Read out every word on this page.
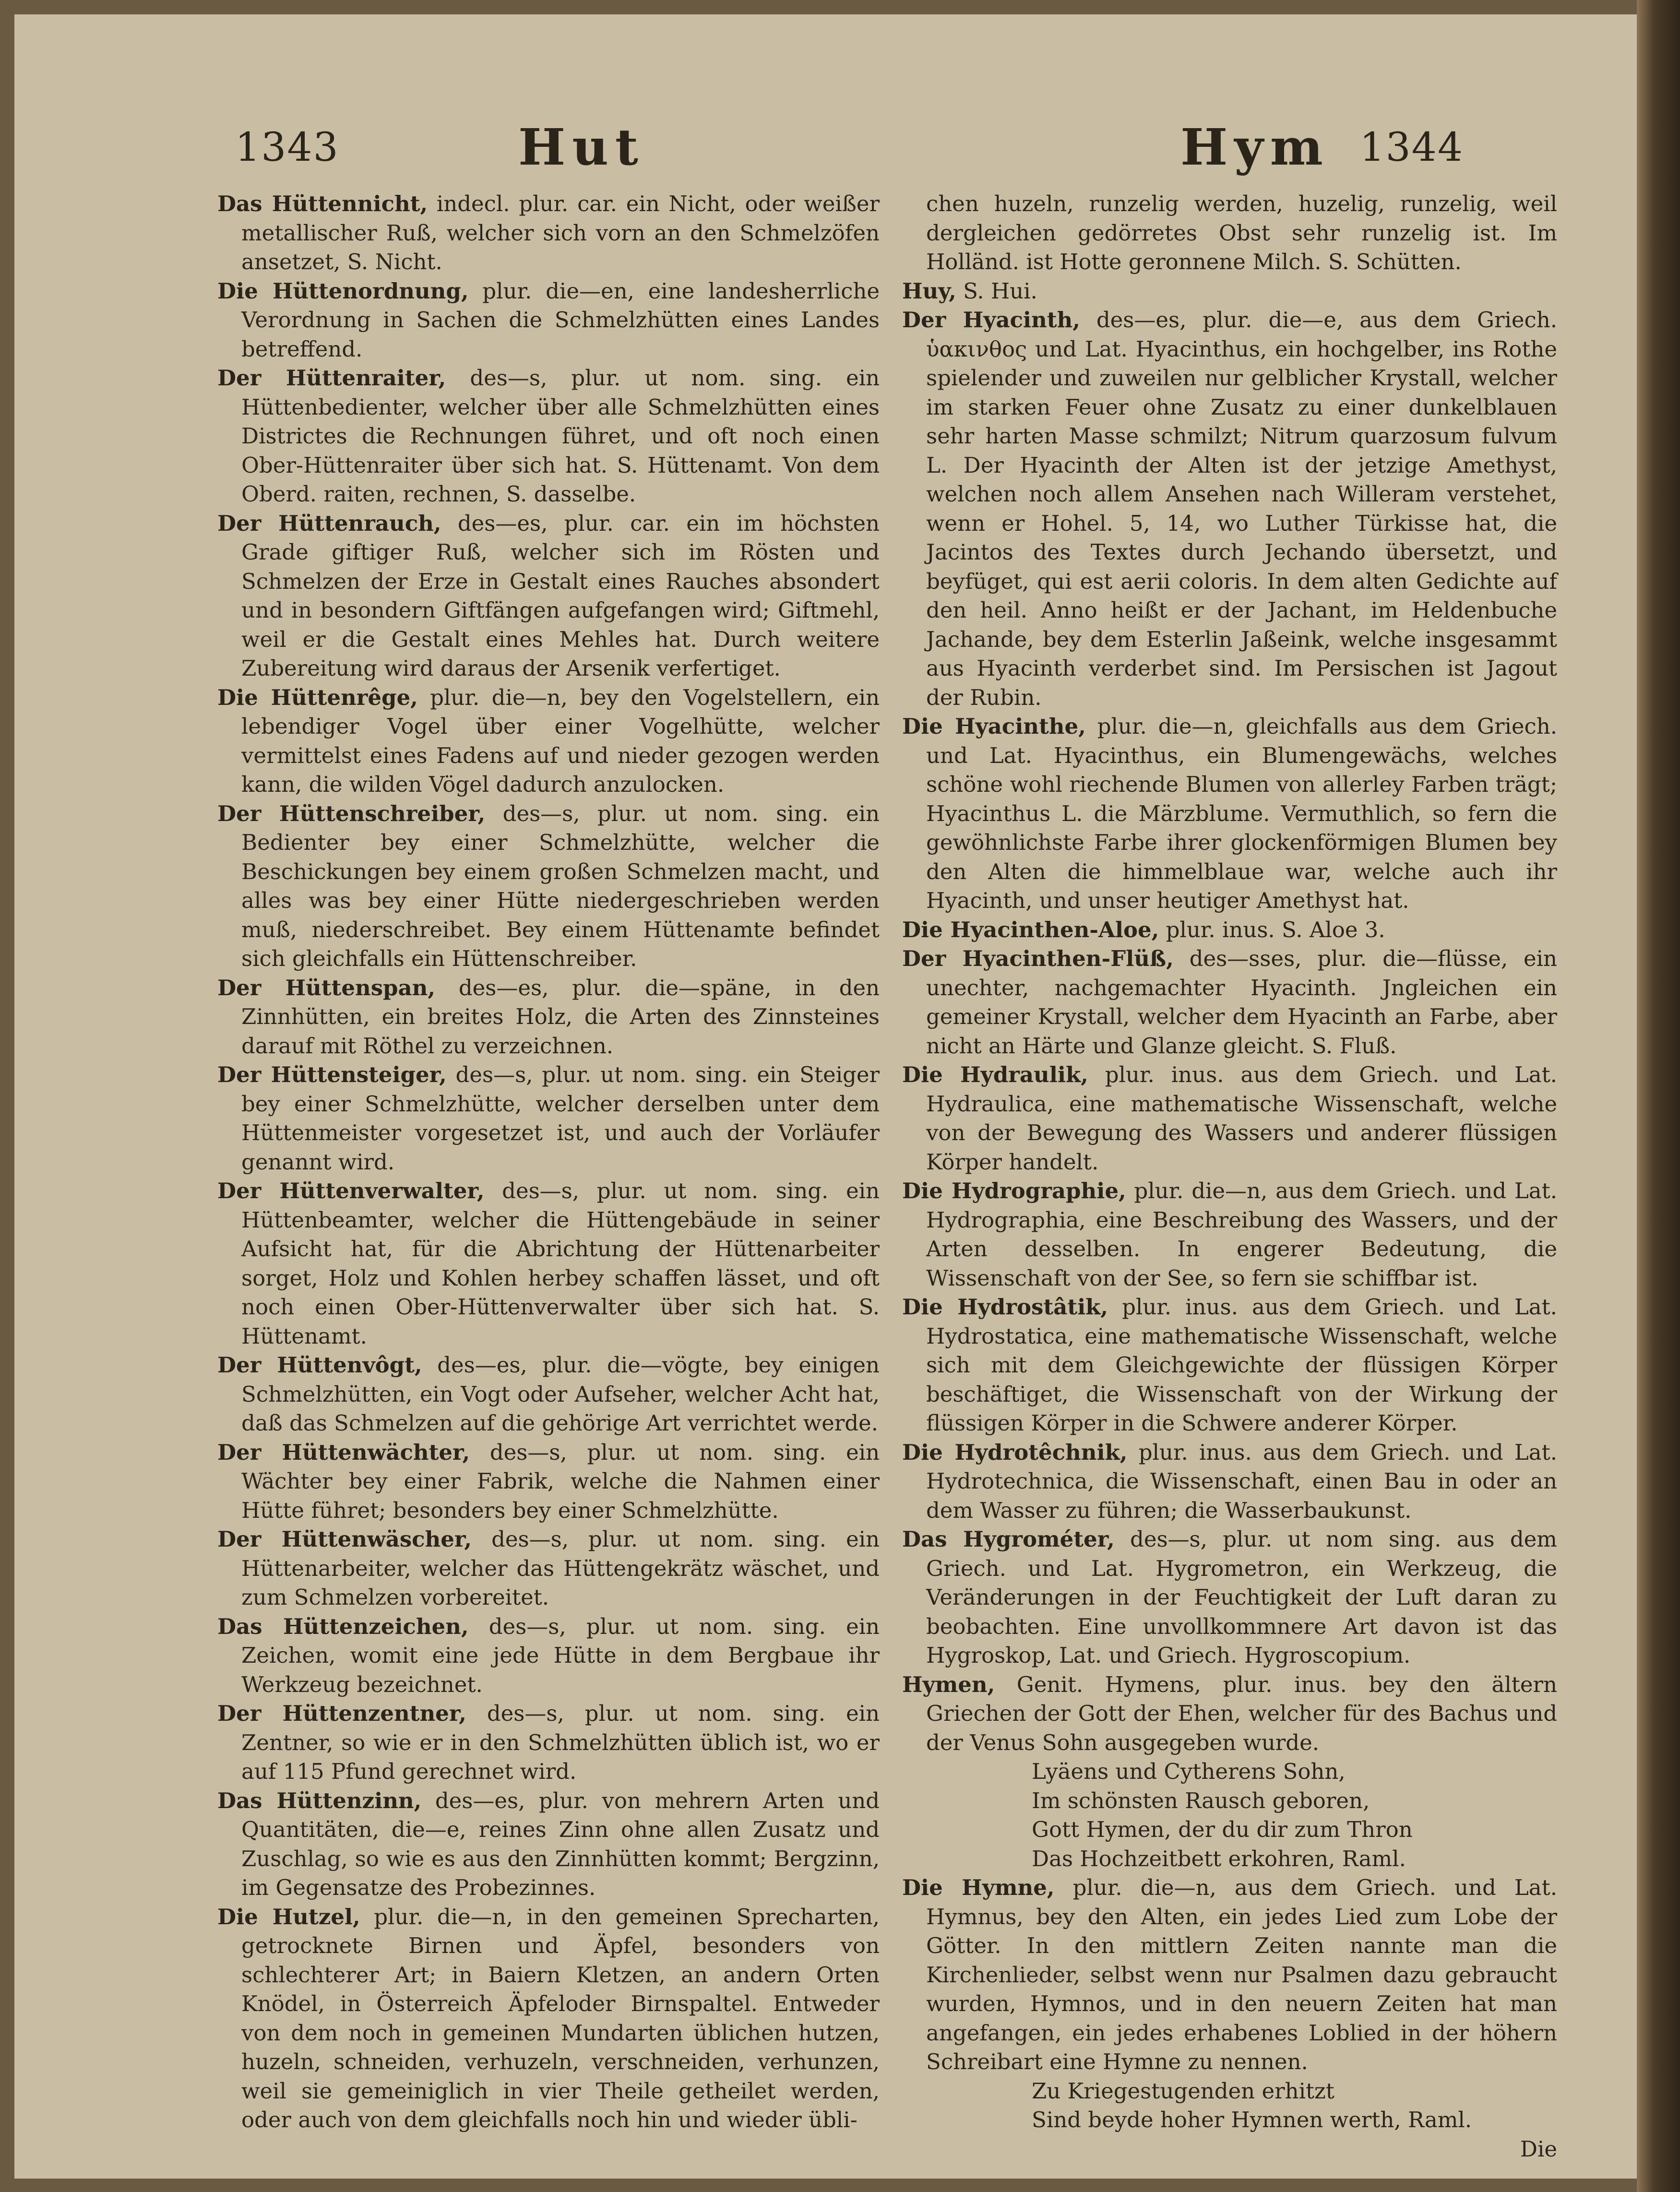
1343	Hut	Hym 1344

Das Hüttennicht, indecl. plur. car. ein Nicht, oder weißer metallischer Ruß, welcher sich vorn an den Schmelzöfen ansetzet, S. Nicht.

Die Hüttenordnung, plur. die—en, eine landesherrliche Verordnung in Sachen die Schmelzhütten eines Landes betreffend.

Der Hüttenraiter, des—s, plur. ut nom. sing. ein Hüttenbedienter, welcher über alle Schmelzhütten eines Districtes die Rechnungen führet, und oft noch einen Ober-Hüttenraiter über sich hat. S. Hüttenamt. Von dem Oberd. raiten, rechnen, S. dasselbe.

Der Hüttenrauch, des—es, plur. car. ein im höchsten Grade giftiger Ruß, welcher sich im Rösten und Schmelzen der Erze in Gestalt eines Rauches absondert und in besondern Giftfängen aufgefangen wird; Giftmehl, weil er die Gestalt eines Mehles hat. Durch weitere Zubereitung wird daraus der Arsenik verfertiget.

Die Hüttenrêge, plur. die—n, bey den Vogelstellern, ein lebendiger Vogel über einer Vogelhütte, welcher vermittelst eines Fadens auf und nieder gezogen werden kann, die wilden Vögel dadurch anzulocken.

Der Hüttenschreiber, des—s, plur. ut nom. sing. ein Bedienter bey einer Schmelzhütte, welcher die Beschickungen bey einem großen Schmelzen macht, und alles was bey einer Hütte niedergeschrieben werden muß, niederschreibet. Bey einem Hüttenamte befindet sich gleichfalls ein Hüttenschreiber.

Der Hüttenspan, des—es, plur. die—späne, in den Zinnhütten, ein breites Holz, die Arten des Zinnsteines darauf mit Röthel zu verzeichnen.

Der Hüttensteiger, des—s, plur. ut nom. sing. ein Steiger bey einer Schmelzhütte, welcher derselben unter dem Hüttenmeister vorgesetzet ist, und auch der Vorläufer genannt wird.

Der Hüttenverwalter, des—s, plur. ut nom. sing. ein Hüttenbeamter, welcher die Hüttengebäude in seiner Aufsicht hat, für die Abrichtung der Hüttenarbeiter sorget, Holz und Kohlen herbey schaffen lässet, und oft noch einen Ober-Hüttenverwalter über sich hat. S. Hüttenamt.

Der Hüttenvôgt, des—es, plur. die—vögte, bey einigen Schmelzhütten, ein Vogt oder Aufseher, welcher Acht hat, daß das Schmelzen auf die gehörige Art verrichtet werde.

Der Hüttenwächter, des—s, plur. ut nom. sing. ein Wächter bey einer Fabrik, welche die Nahmen einer Hütte führet; besonders bey einer Schmelzhütte.

Der Hüttenwäscher, des—s, plur. ut nom. sing. ein Hüttenarbeiter, welcher das Hüttengekrätz wäschet, und zum Schmelzen vorbereitet.

Das Hüttenzeichen, des—s, plur. ut nom. sing. ein Zeichen, womit eine jede Hütte in dem Bergbaue ihr Werkzeug bezeichnet.

Der Hüttenzentner, des—s, plur. ut nom. sing. ein Zentner, so wie er in den Schmelzhütten üblich ist, wo er auf 115 Pfund gerechnet wird.

Das Hüttenzinn, des—es, plur. von mehrern Arten und Quantitäten, die—e, reines Zinn ohne allen Zusatz und Zuschlag, so wie es aus den Zinnhütten kommt; Bergzinn, im Gegensatze des Probezinnes.

Die Hutzel, plur. die—n, in den gemeinen Sprecharten, getrocknete Birnen und Äpfel, besonders von schlechterer Art; in Baiern Kletzen, an andern Orten Knödel, in Österreich Äpfeloder Birnspaltel. Entweder von dem noch in gemeinen Mundarten üblichen hutzen, huzeln, schneiden, verhuzeln, verschneiden, verhunzen, weil sie gemeiniglich in vier Theile getheilet werden, oder auch von dem gleichfalls noch hin und wieder übli-

chen huzeln, runzelig werden, huzelig, runzelig, weil dergleichen gedörretes Obst sehr runzelig ist. Im Holländ. ist Hotte geronnene Milch. S. Schütten.

Huy, S. Hui.

Der Hyacinth, des—es, plur. die—e, aus dem Griech. ὑακινθος und Lat. Hyacinthus, ein hochgelber, ins Rothe spielender und zuweilen nur gelblicher Krystall, welcher im starken Feuer ohne Zusatz zu einer dunkelblauen sehr harten Masse schmilzt; Nitrum quarzosum fulvum L. Der Hyacinth der Alten ist der jetzige Amethyst, welchen noch allem Ansehen nach Willeram verstehet, wenn er Hohel. 5, 14, wo Luther Türkisse hat, die Jacintos des Textes durch Jechando übersetzt, und beyfüget, qui est aerii coloris. In dem alten Gedichte auf den heil. Anno heißt er der Jachant, im Heldenbuche Jachande, bey dem Esterlin Jaßeink, welche insgesammt aus Hyacinth verderbet sind. Im Persischen ist Jagout der Rubin.

Die Hyacinthe, plur. die—n, gleichfalls aus dem Griech. und Lat. Hyacinthus, ein Blumengewächs, welches schöne wohl riechende Blumen von allerley Farben trägt; Hyacinthus L. die Märzblume. Vermuthlich, so fern die gewöhnlichste Farbe ihrer glockenförmigen Blumen bey den Alten die himmelblaue war, welche auch ihr Hyacinth, und unser heutiger Amethyst hat.

Die Hyacinthen-Aloe, plur. inus. S. Aloe 3.

Der Hyacinthen-Flüß, des—sses, plur. die—flüsse, ein unechter, nachgemachter Hyacinth. Jngleichen ein gemeiner Krystall, welcher dem Hyacinth an Farbe, aber nicht an Härte und Glanze gleicht. S. Fluß.

Die Hydraulik, plur. inus. aus dem Griech. und Lat. Hydraulica, eine mathematische Wissenschaft, welche von der Bewegung des Wassers und anderer flüssigen Körper handelt.

Die Hydrographie, plur. die—n, aus dem Griech. und Lat. Hydrographia, eine Beschreibung des Wassers, und der Arten desselben. In engerer Bedeutung, die Wissenschaft von der See, so fern sie schiffbar ist.

Die Hydrostâtik, plur. inus. aus dem Griech. und Lat. Hydrostatica, eine mathematische Wissenschaft, welche sich mit dem Gleichgewichte der flüssigen Körper beschäftiget, die Wissenschaft von der Wirkung der flüssigen Körper in die Schwere anderer Körper.

Die Hydrotêchnik, plur. inus. aus dem Griech. und Lat. Hydrotechnica, die Wissenschaft, einen Bau in oder an dem Wasser zu führen; die Wasserbaukunst.

Das Hygrométer, des—s, plur. ut nom sing. aus dem Griech. und Lat. Hygrometron, ein Werkzeug, die Veränderungen in der Feuchtigkeit der Luft daran zu beobachten. Eine unvollkommnere Art davon ist das Hygroskop, Lat. und Griech. Hygroscopium.

Hymen, Genit. Hymens, plur. inus. bey den ältern Griechen der Gott der Ehen, welcher für des Bachus und der Venus Sohn ausgegeben wurde.

Lyäens und Cytherens Sohn,

Im schönsten Rausch geboren,

Gott Hymen, der du dir zum Thron

Das Hochzeitbett erkohren, Raml.

Die Hymne, plur. die—n, aus dem Griech. und Lat. Hymnus, bey den Alten, ein jedes Lied zum Lobe der Götter. In den mittlern Zeiten nannte man die Kirchenlieder, selbst wenn nur Psalmen dazu gebraucht wurden, Hymnos, und in den neuern Zeiten hat man angefangen, ein jedes erhabenes Loblied in der höhern Schreibart eine Hymne zu nennen.

Zu Kriegestugenden erhitzt

Sind beyde hoher Hymnen werth, Raml.

Die
